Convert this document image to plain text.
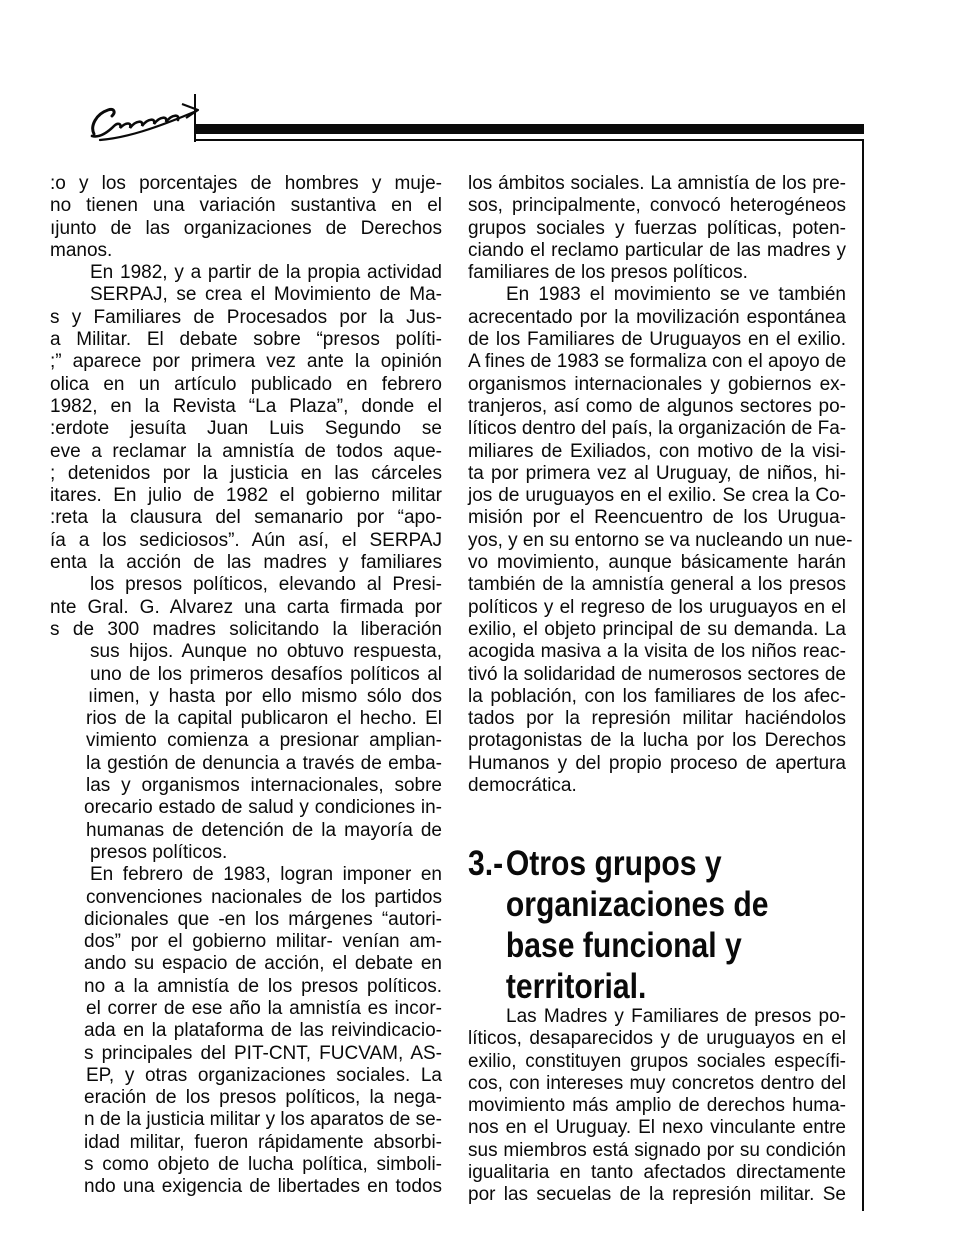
:o y los porcentajes de hombres y muje-
no tienen una variación sustantiva en el
ıjunto de las organizaciones de Derechos
manos.
En 1982, y a partir de la propia actividad
SERPAJ, se crea el Movimiento de Ma-
s y Familiares de Procesados por la Jus-
a Militar. El debate sobre “presos políti-
;” aparece por primera vez ante la opinión
olica en un artículo publicado en febrero
1982, en la Revista “La Plaza”, donde el
:erdote jesuíta Juan Luis Segundo se
eve a reclamar la amnistía de todos aque-
; detenidos por la justicia en las cárceles
itares. En julio de 1982 el gobierno militar
:reta la clausura del semanario por “apo-
ía a los sediciosos”. Aún así, el SERPAJ
enta la acción de las madres y familiares
los presos políticos, elevando al Presi-
nte Gral. G. Alvarez una carta firmada por
s de 300 madres solicitando la liberación
sus hijos. Aunque no obtuvo respuesta,
uno de los primeros desafíos políticos al
ıimen, y hasta por ello mismo sólo dos
rios de la capital publicaron el hecho. El
vimiento comienza a presionar amplian-
la gestión de denuncia a través de emba-
las y organismos internacionales, sobre
orecario estado de salud y condiciones in-
humanas de detención de la mayoría de
presos políticos.
En febrero de 1983, logran imponer en
convenciones nacionales de los partidos
dicionales que -en los márgenes “autori-
dos” por el gobierno militar- venían am-
ando su espacio de acción, el debate en
no a la amnistía de los presos políticos.
el correr de ese año la amnistía es incor-
ada en la plataforma de las reivindicacio-
s principales del PIT-CNT, FUCVAM, AS-
EP, y otras organizaciones sociales. La
eración de los presos políticos, la nega-
n de la justicia militar y los aparatos de se-
idad militar, fueron rápidamente absorbi-
s como objeto de lucha política, simboli-
ndo una exigencia de libertades en todos
los ámbitos sociales. La amnistía de los pre-
sos, principalmente, convocó heterogéneos
grupos sociales y fuerzas políticas, poten-
ciando el reclamo particular de las madres y
familiares de los presos políticos.
En 1983 el movimiento se ve también
acrecentado por la movilización espontánea
de los Familiares de Uruguayos en el exilio.
A fines de 1983 se formaliza con el apoyo de
organismos internacionales y gobiernos ex-
tranjeros, así como de algunos sectores po-
líticos dentro del país, la organización de Fa-
miliares de Exiliados, con motivo de la visi-
ta por primera vez al Uruguay, de niños, hi-
jos de uruguayos en el exilio. Se crea la Co-
misión por el Reencuentro de los Urugua-
yos, y en su entorno se va nucleando un nue-
vo movimiento, aunque básicamente harán
también de la amnistía general a los presos
políticos y el regreso de los uruguayos en el
exilio, el objeto principal de su demanda. La
acogida masiva a la visita de los niños reac-
tivó la solidaridad de numerosos sectores de
la población, con los familiares de los afec-
tados por la represión militar haciéndolos
protagonistas de la lucha por los Derechos
Humanos y del propio proceso de apertura
democrática.
3.-Otros grupos y
organizaciones de
base funcional y
territorial.
Las Madres y Familiares de presos po-
líticos, desaparecidos y de uruguayos en el
exilio, constituyen grupos sociales específi-
cos, con intereses muy concretos dentro del
movimiento más amplio de derechos huma-
nos en el Uruguay. El nexo vinculante entre
sus miembros está signado por su condición
igualitaria en tanto afectados directamente
por las secuelas de la represión militar. Se
